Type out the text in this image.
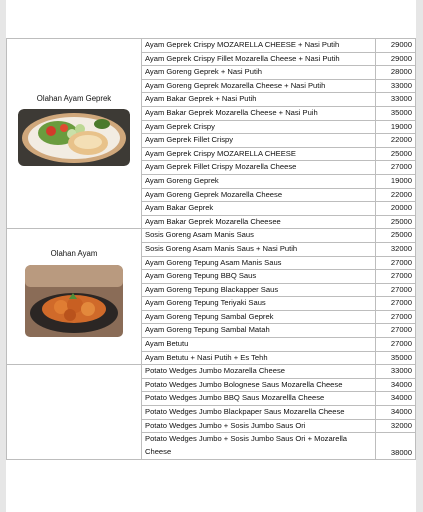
Olahan Ayam Geprek	Ayam Geprek Crispy MOZARELLA CHEESE + Nasi Putih	29000
	Ayam Geprek Crispy Fillet Mozarella Cheese + Nasi Putih	29000
	Ayam Goreng Geprek + Nasi Putih	28000
	Ayam Goreng Geprek Mozarella Cheese + Nasi Putih	33000
	Ayam Bakar Geprek + Nasi Putih	33000
	Ayam Bakar Geprek Mozarella Cheese + Nasi Puih	35000
	Ayam Geprek Crispy	19000
	Ayam Geprek Fillet Crispy	22000
	Ayam Geprek Crispy MOZARELLA CHEESE	25000
	Ayam Geprek Fillet Crispy Mozarella Cheese	27000
	Ayam Goreng Geprek	19000
	Ayam Goreng Geprek Mozarella Cheese	22000
	Ayam Bakar Geprek	20000
	Ayam Bakar Geprek Mozarella Cheesee	25000

Olahan Ayam	Sosis Goreng Asam Manis Saus	25000
	Sosis Goreng Asam Manis Saus + Nasi Putih	32000
	Ayam Goreng Tepung Asam Manis Saus	27000
	Ayam Goreng Tepung BBQ Saus	27000
	Ayam Goreng Tepung Blackapper Saus	27000
	Ayam Goreng Tepung Teriyaki Saus	27000
	Ayam Goreng Tepung Sambal Geprek	27000
	Ayam Goreng Tepung Sambal Matah	27000
	Ayam Betutu	27000
	Ayam Betutu + Nasi Putih + Es Tehh	35000
	Potato Wedges Jumbo Mozarella Cheese	33000
	Potato Wedges Jumbo Bolognese Saus Mozarella Cheese	34000
	Potato Wedges Jumbo BBQ Saus Mozarellla Cheese	34000
	Potato Wedges Jumbo Blackpaper Saus Mozarella Cheese	34000
	Potato Wedges Jumbo + Sosis Jumbo Saus Ori	32000
	Potato Wedges Jumbo + Sosis Jumbo Saus Ori + Mozarella Cheese	38000
